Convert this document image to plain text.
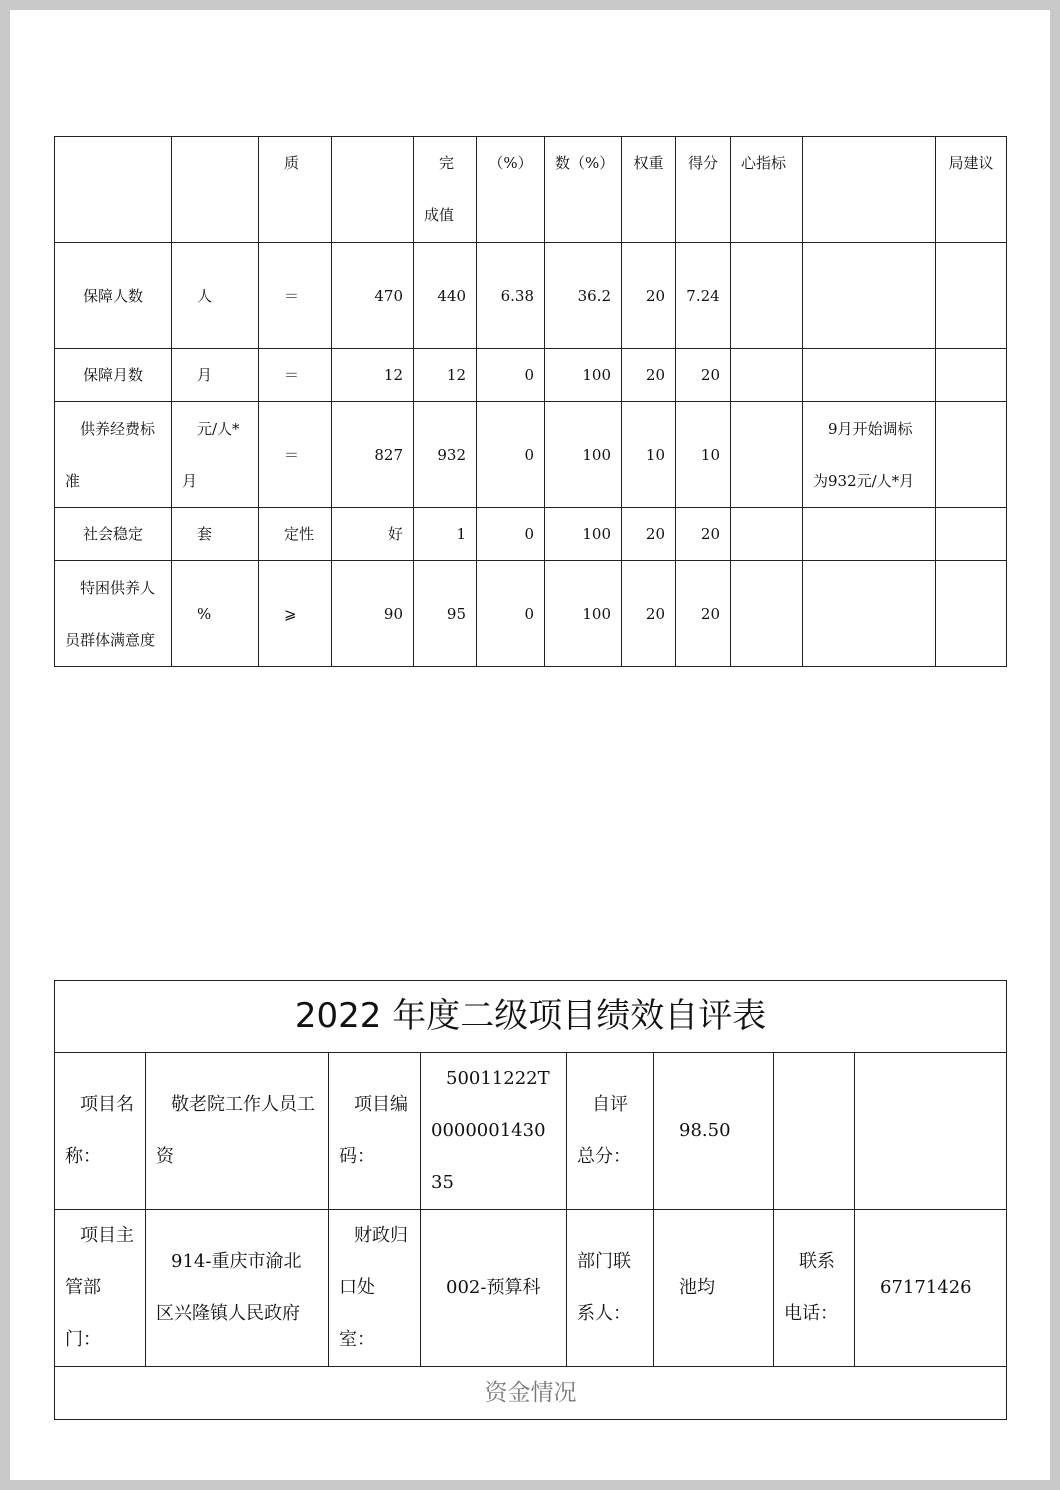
		质		完成值	（%）	数（%）	权重	得分	心指标		局建议
保障人数	人	＝	470	440	6.38	36.2	20	7.24			
保障月数	月	＝	12	12	0	100	20	20			
供养经费标准	元/人*月	＝	827	932	0	100	10	10		9月开始调标为932元/人*月	
社会稳定	套	定性	好	1	0	100	20	20			
特困供养人员群体满意度	%	⩾	90	95	0	100	20	20			
2022 年度二级项目绩效自评表							
项目名称：	敬老院工作人员工资	项目编码：	50011222T000000143035	自评总分：	98.50		
项目主管部门：	914-重庆市渝北区兴隆镇人民政府	财政归口处室：	002-预算科	部门联系人：	池均	联系电话：	67171426
资金情况							
